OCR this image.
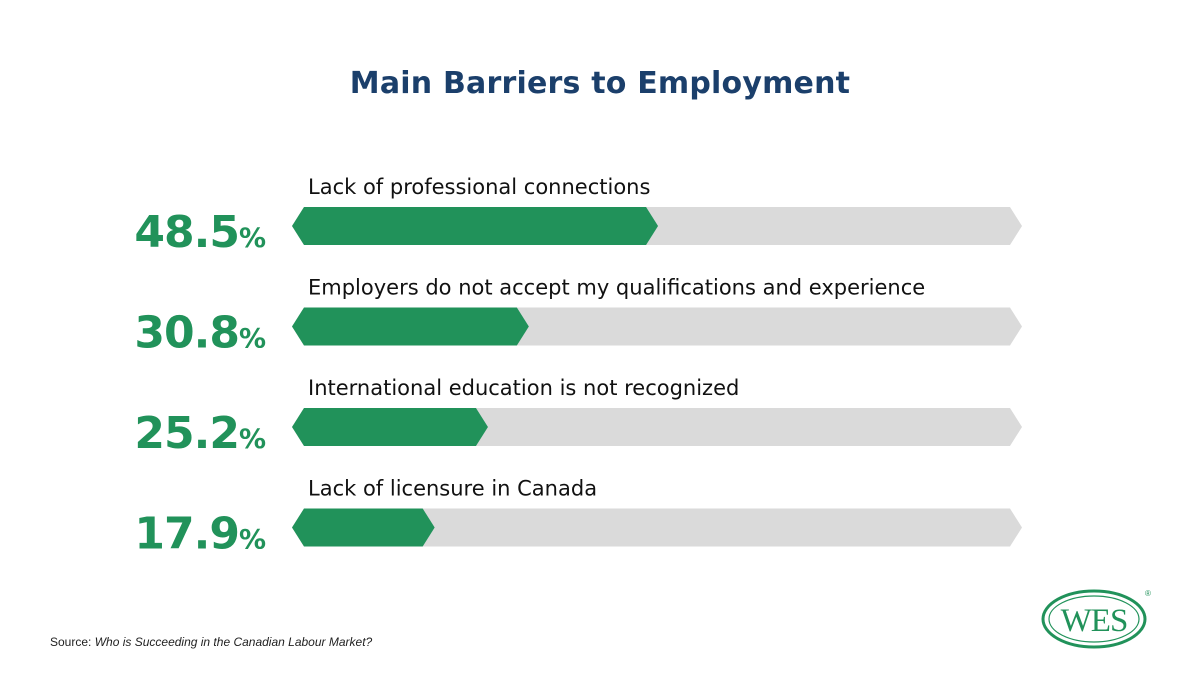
Main Barriers to Employment
Lack of professional connections
48.5%
Employers do not accept my qualifications and experience
30.8%
International education is not recognized
25.2%
Lack of licensure in Canada
17.9%
Source: Who is Succeeding in the Canadian Labour Market?
WES
®
